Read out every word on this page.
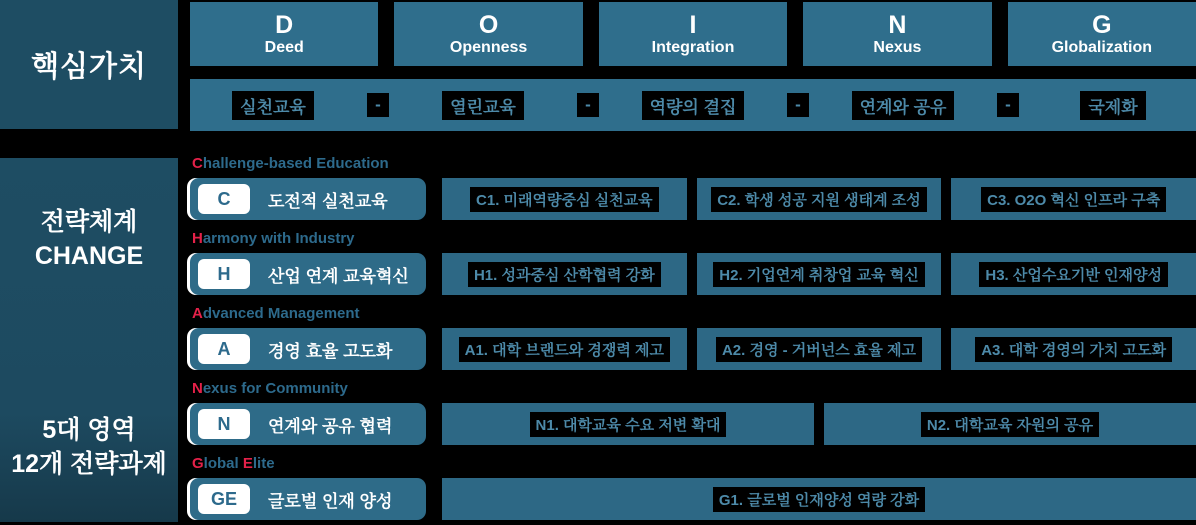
핵심가치
전략체계
CHANGE
5대 영역
12개 전략과제
D
Deed
O
Openness
I
Integration
N
Nexus
G
Globalization
실천교육	-	열린교육	-	역량의 결집	-	연계와 공유	-	국제화
Challenge-based Education
C	도전적 실천교육	C1. 미래역량중심 실천교육	C2. 학생 성공 지원 생태계 조성	C3. O2O 혁신 인프라 구축
Harmony with Industry
H	산업 연계 교육혁신	H1. 성과중심 산학협력 강화	H2. 기업연계 취창업 교육 혁신	H3. 산업수요기반 인재양성
Advanced Management
A	경영 효율 고도화	A1. 대학 브랜드와 경쟁력 제고	A2. 경영 - 거버넌스 효율 제고	A3. 대학 경영의 가치 고도화
Nexus for Community
N	연계와 공유 협력	N1. 대학교육 수요 저변 확대	N2. 대학교육 자원의 공유
Global Elite
GE	글로벌 인재 양성	G1. 글로벌 인재양성 역량 강화
